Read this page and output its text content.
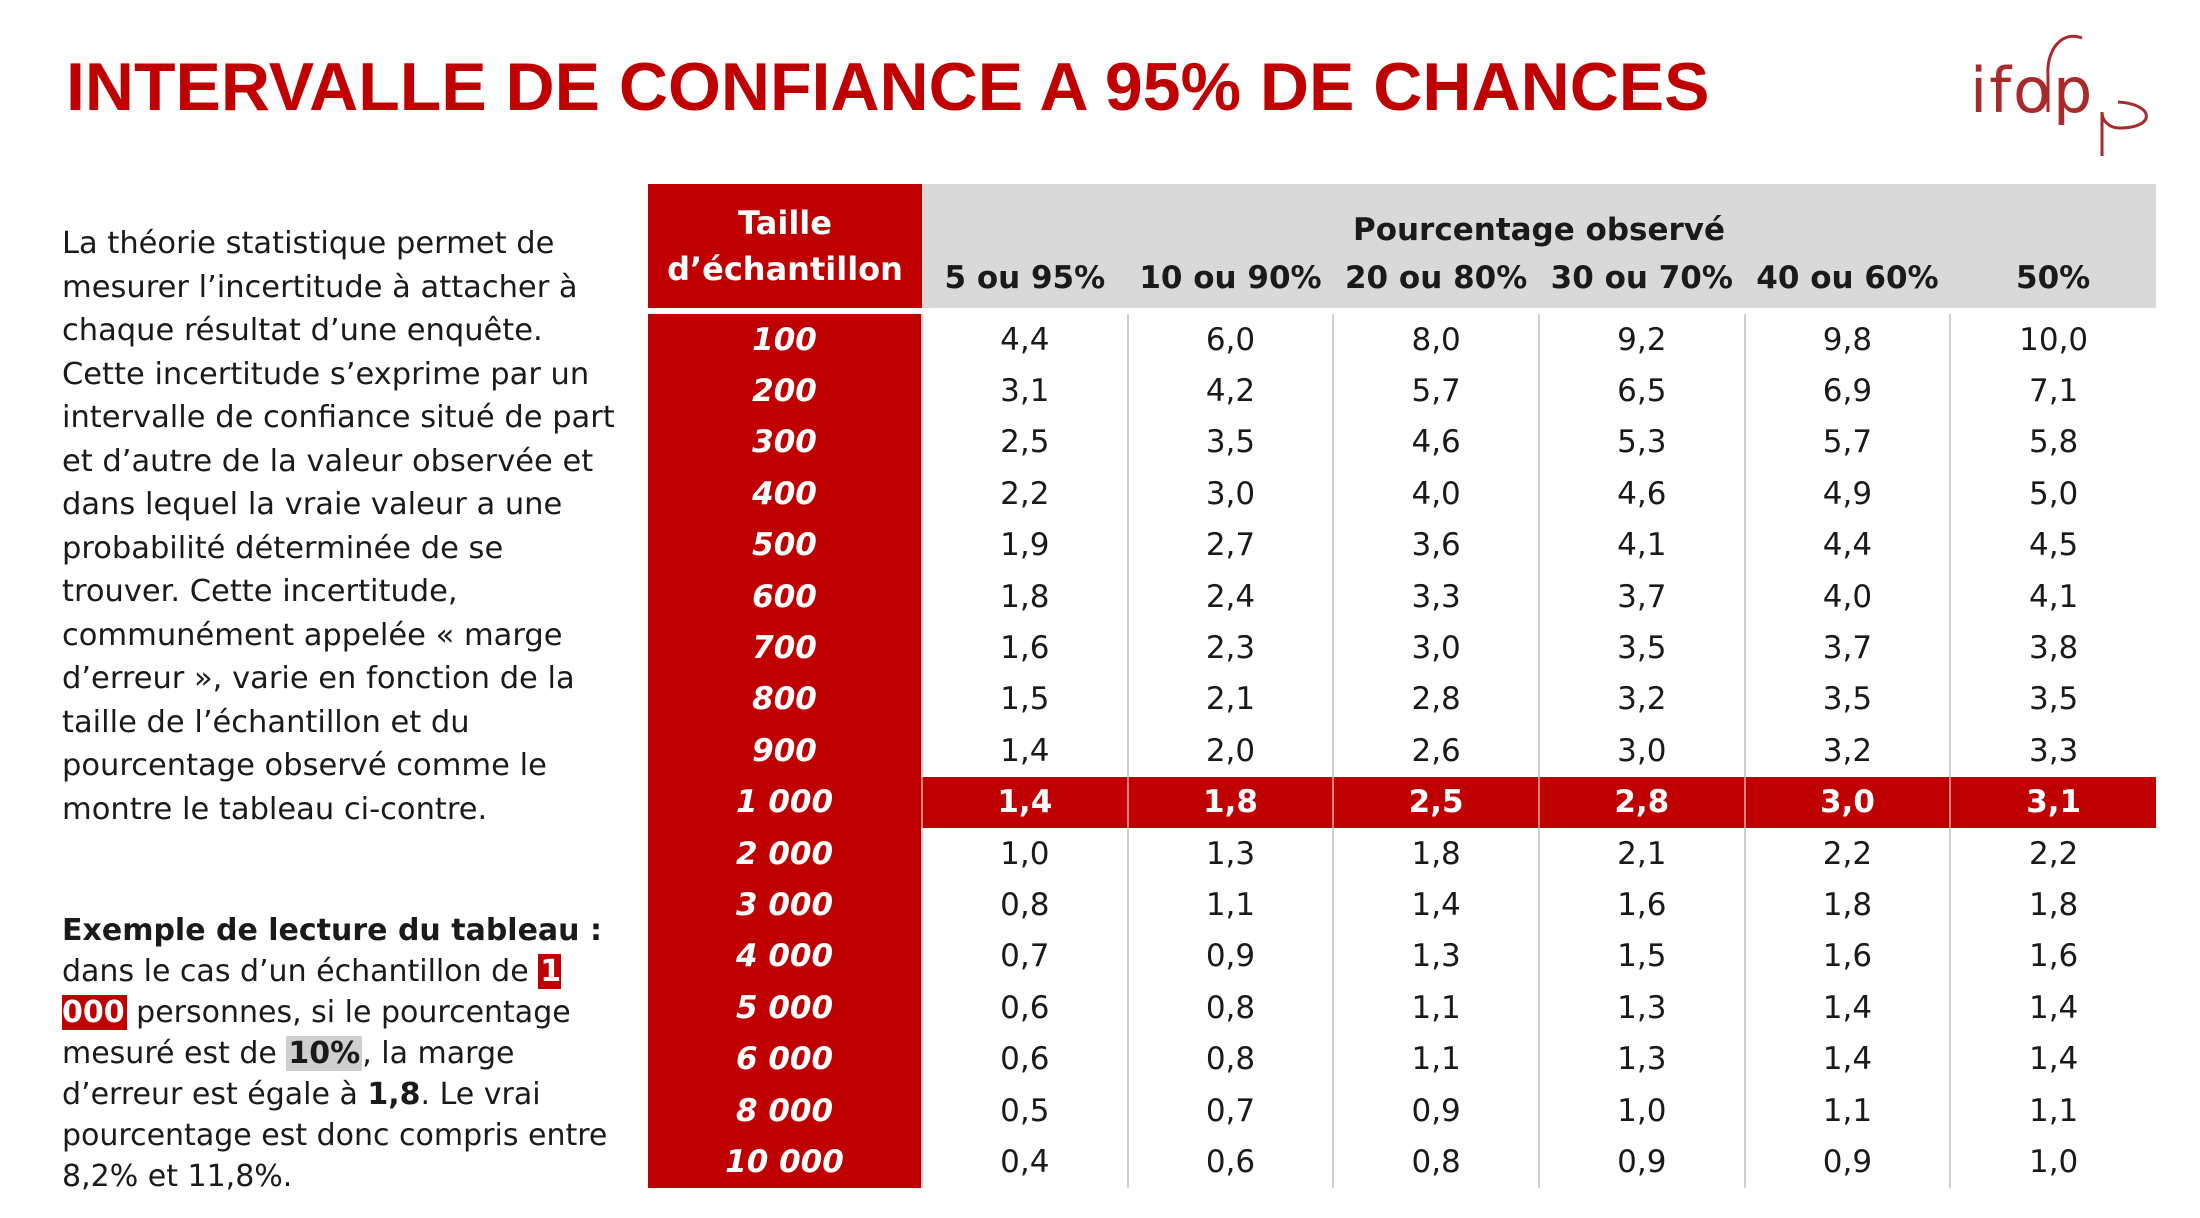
INTERVALLE DE CONFIANCE A 95% DE CHANCES	ifop
La théorie statistique permet de mesurer l’incertitude à attacher à chaque résultat d’une enquête. Cette incertitude s’exprime par un intervalle de confiance situé de part et d’autre de la valeur observée et dans lequel la vraie valeur a une probabilité déterminée de se trouver. Cette incertitude, communément appelée « marge d’erreur », varie en fonction de la taille de l’échantillon et du pourcentage observé comme le montre le tableau ci-contre.
Exemple de lecture du tableau : dans le cas d’un échantillon de 1 000 personnes, si le pourcentage mesuré est de 10%, la marge d’erreur est égale à 1,8. Le vrai pourcentage est donc compris entre 8,2% et 11,8%.
Taille
d’échantillon	Pourcentage observé					
	5 ou 95%	10 ou 90%	20 ou 80%	30 ou 70%	40 ou 60%	50%
100	4,4	6,0	8,0	9,2	9,8	10,0
200	3,1	4,2	5,7	6,5	6,9	7,1
300	2,5	3,5	4,6	5,3	5,7	5,8
400	2,2	3,0	4,0	4,6	4,9	5,0
500	1,9	2,7	3,6	4,1	4,4	4,5
600	1,8	2,4	3,3	3,7	4,0	4,1
700	1,6	2,3	3,0	3,5	3,7	3,8
800	1,5	2,1	2,8	3,2	3,5	3,5
900	1,4	2,0	2,6	3,0	3,2	3,3
1 000	1,4	1,8	2,5	2,8	3,0	3,1
2 000	1,0	1,3	1,8	2,1	2,2	2,2
3 000	0,8	1,1	1,4	1,6	1,8	1,8
4 000	0,7	0,9	1,3	1,5	1,6	1,6
5 000	0,6	0,8	1,1	1,3	1,4	1,4
6 000	0,6	0,8	1,1	1,3	1,4	1,4
8 000	0,5	0,7	0,9	1,0	1,1	1,1
10 000	0,4	0,6	0,8	0,9	0,9	1,0
